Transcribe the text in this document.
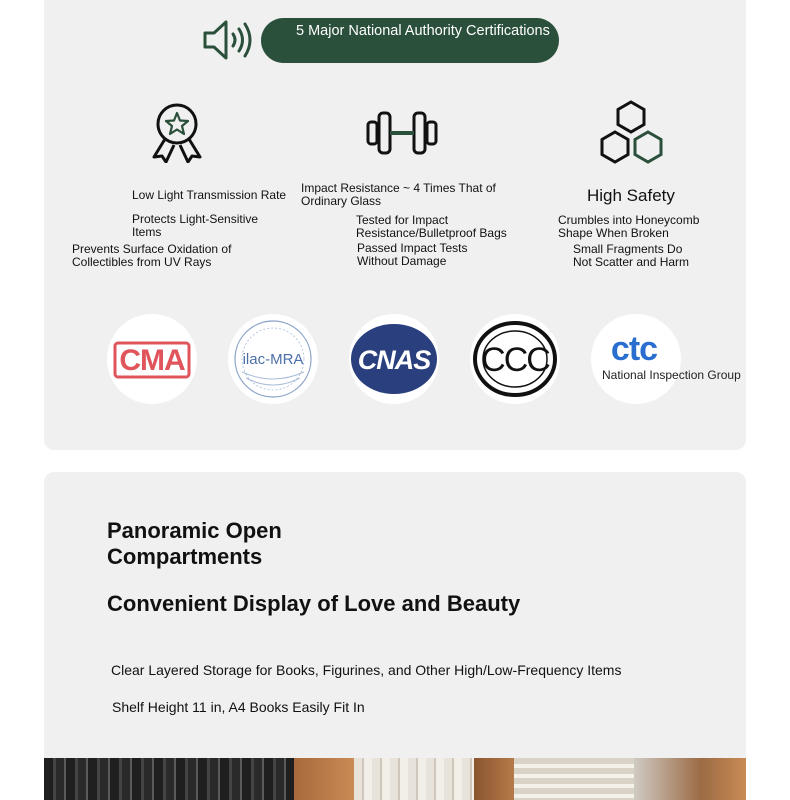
5 Major National Authority Certifications
Low Light Transmission Rate
Protects Light-Sensitive Items
Prevents Surface Oxidation of Collectibles from UV Rays
Impact Resistance ~ 4 Times That of Ordinary Glass
Tested for Impact Resistance/Bulletproof Bags
Passed Impact Tests Without Damage
High Safety
Crumbles into Honeycomb Shape When Broken
Small Fragments Do Not Scatter and Harm
CMA	ilac-MRA CNAS CCC ctc
National Inspection Group
Panoramic Open Compartments
Convenient Display of Love and Beauty
Clear Layered Storage for Books, Figurines, and Other High/Low-Frequency Items
Shelf Height 11 in, A4 Books Easily Fit In
